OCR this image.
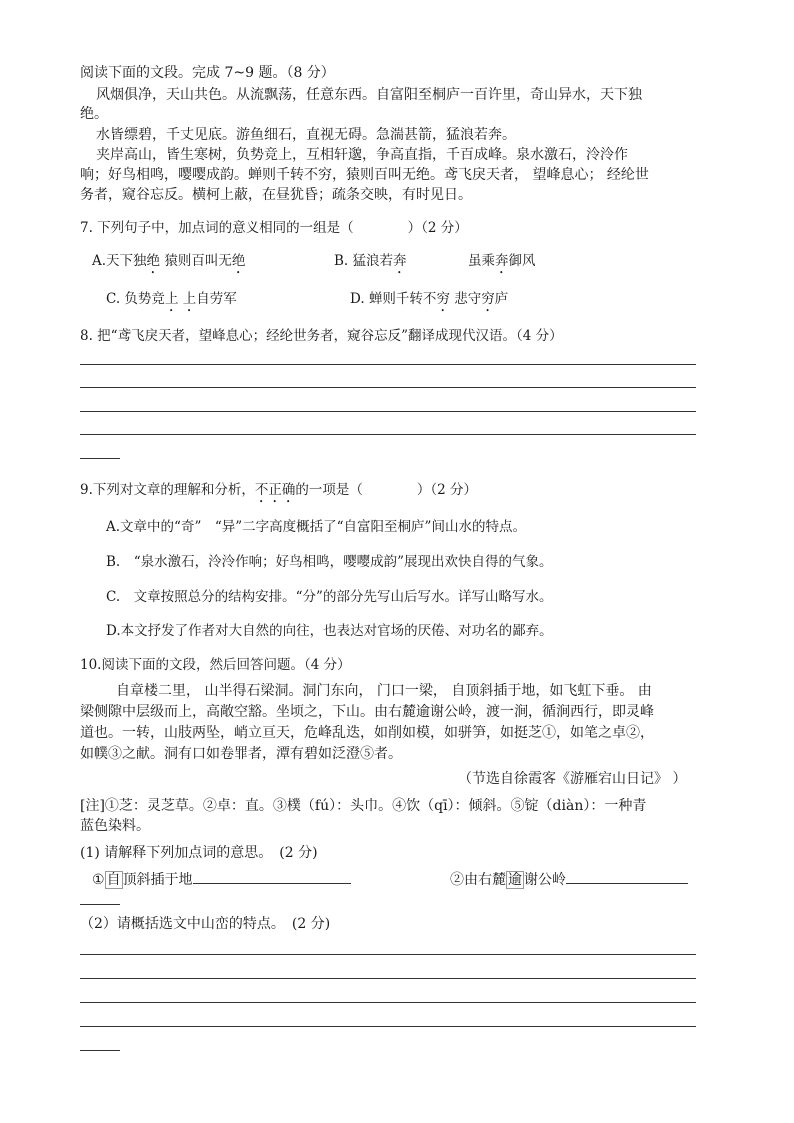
阅读下面的文段。完成 7~9 题。（8 分）
风烟俱净，天山共色。从流飘荡，任意东西。自富阳至桐庐一百许里，奇山异水，天下独
绝。
水皆缥碧，千丈见底。游鱼细石，直视无碍。急湍甚箭，猛浪若奔。
夹岸高山，皆生寒树，负势竞上，互相轩邈，争高直指，千百成峰。泉水激石，泠泠作
响；好鸟相鸣，嘤嘤成韵。蝉则千转不穷，猿则百叫无绝。鸢飞戾天者， 望峰息心； 经纶世
务者，窥谷忘反。横柯上蔽，在昼犹昏；疏条交映，有时见日。
7. 下列句子中，加点词的意义相同的一组是（　　　　）（2 分）
A.天下独绝 猿则百叫无绝	B. 猛浪若奔	虽乘奔御风
C. 负势竞上 上自劳军	D. 蝉则千转不穷 悲守穷庐
8. 把“鸢飞戾天者，望峰息心；经纶世务者，窥谷忘反”翻译成现代汉语。（4 分）
9.下列对文章的理解和分析，不正确的一项是（　　　　）（2 分）
A.文章中的“奇”　“异”二字高度概括了“自富阳至桐庐”间山水的特点。
B.　“泉水激石，泠泠作响；好鸟相鸣，嘤嘤成韵”展现出欢快自得的气象。
C.　文章按照总分的结构安排。“分”的部分先写山后写水。详写山略写水。
D.本文抒发了作者对大自然的向往，也表达对官场的厌倦、对功名的鄙弃。
10.阅读下面的文段，然后回答问题。（4 分）
自章楼二里， 山半得石梁洞。洞门东向， 门口一梁， 自顶斜插于地，如飞虹下垂。 由
梁侧隙中层级而上，高敞空豁。坐顷之，下山。由右麓逾谢公岭，渡一涧，循涧西行，即灵峰
道也。一转，山肢两坠，峭立亘天，危峰乱迭，如削如模，如骈笋，如挺芝①，如笔之卓②，
如幞③之献。洞有口如卷罪者，潭有碧如泛澄⑤者。
（节选自徐霞客《游雁宕山日记》 ）
[注]①芝：灵芝草。②卓：直。③樸（fú）：头巾。④饮（qī）：倾斜。⑤锭（diàn）：一种青
蓝色染料。
(1) 请解释下列加点词的意思。　(2 分)
① 自 顶斜插于地	②由右麓 逾 谢公岭
（2）请概括选文中山峦的特点。　(2 分)
